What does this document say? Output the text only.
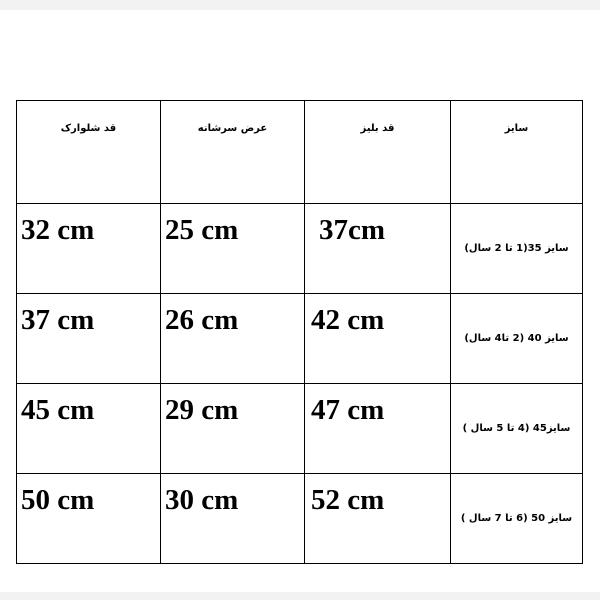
قد شلوارک	عرض سرشانه	قد بلیز	سایز
32 cm	25 cm	37cm	سایز 35(1 تا 2 سال)
37 cm	26 cm	42 cm	سایز 40 (2 تا4 سال)
45 cm	29 cm	47 cm	سایز45 (4 تا 5 سال )
50 cm	30 cm	52 cm	سایز 50 (6 تا 7 سال )
